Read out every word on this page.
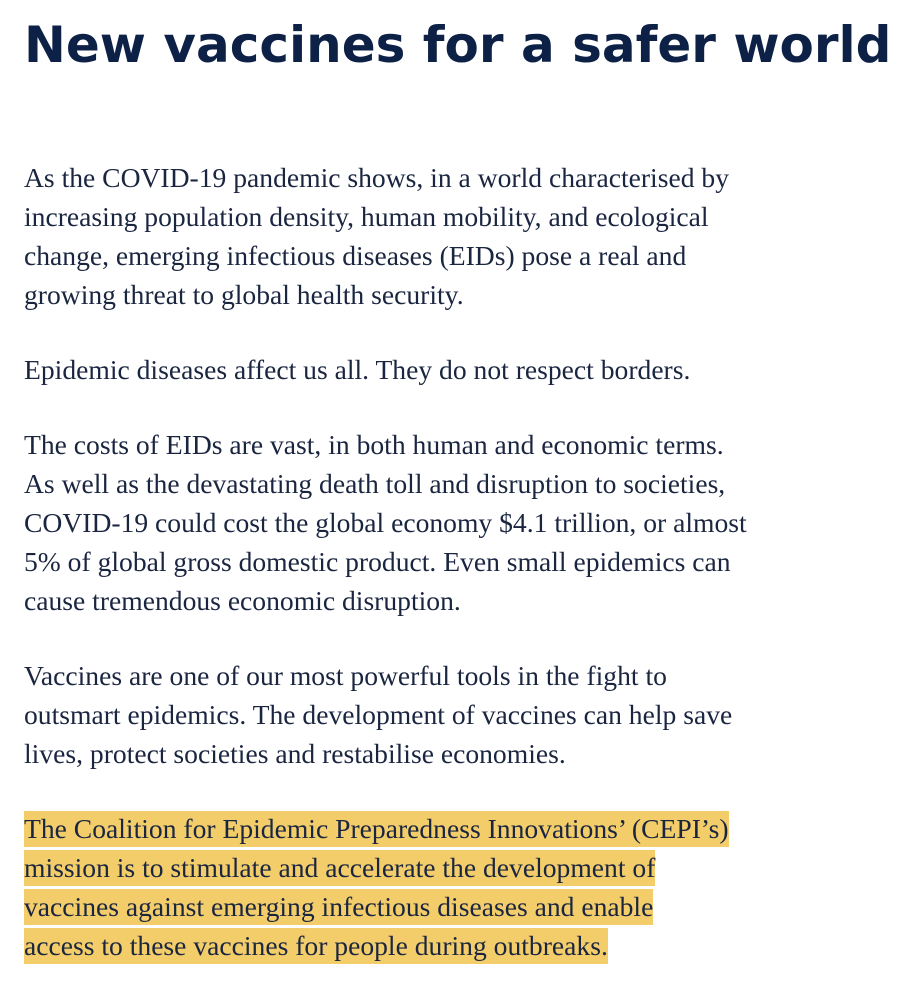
New vaccines for a safer world

As the COVID-19 pandemic shows, in a world characterised by
increasing population density, human mobility, and ecological
change, emerging infectious diseases (EIDs) pose a real and
growing threat to global health security.

Epidemic diseases affect us all. They do not respect borders.

The costs of EIDs are vast, in both human and economic terms.
As well as the devastating death toll and disruption to societies,
COVID-19 could cost the global economy $4.1 trillion, or almost
5% of global gross domestic product. Even small epidemics can
cause tremendous economic disruption.

Vaccines are one of our most powerful tools in the fight to
outsmart epidemics. The development of vaccines can help save
lives, protect societies and restabilise economies.

The Coalition for Epidemic Preparedness Innovations’ (CEPI’s)
mission is to stimulate and accelerate the development of
vaccines against emerging infectious diseases and enable
access to these vaccines for people during outbreaks.
